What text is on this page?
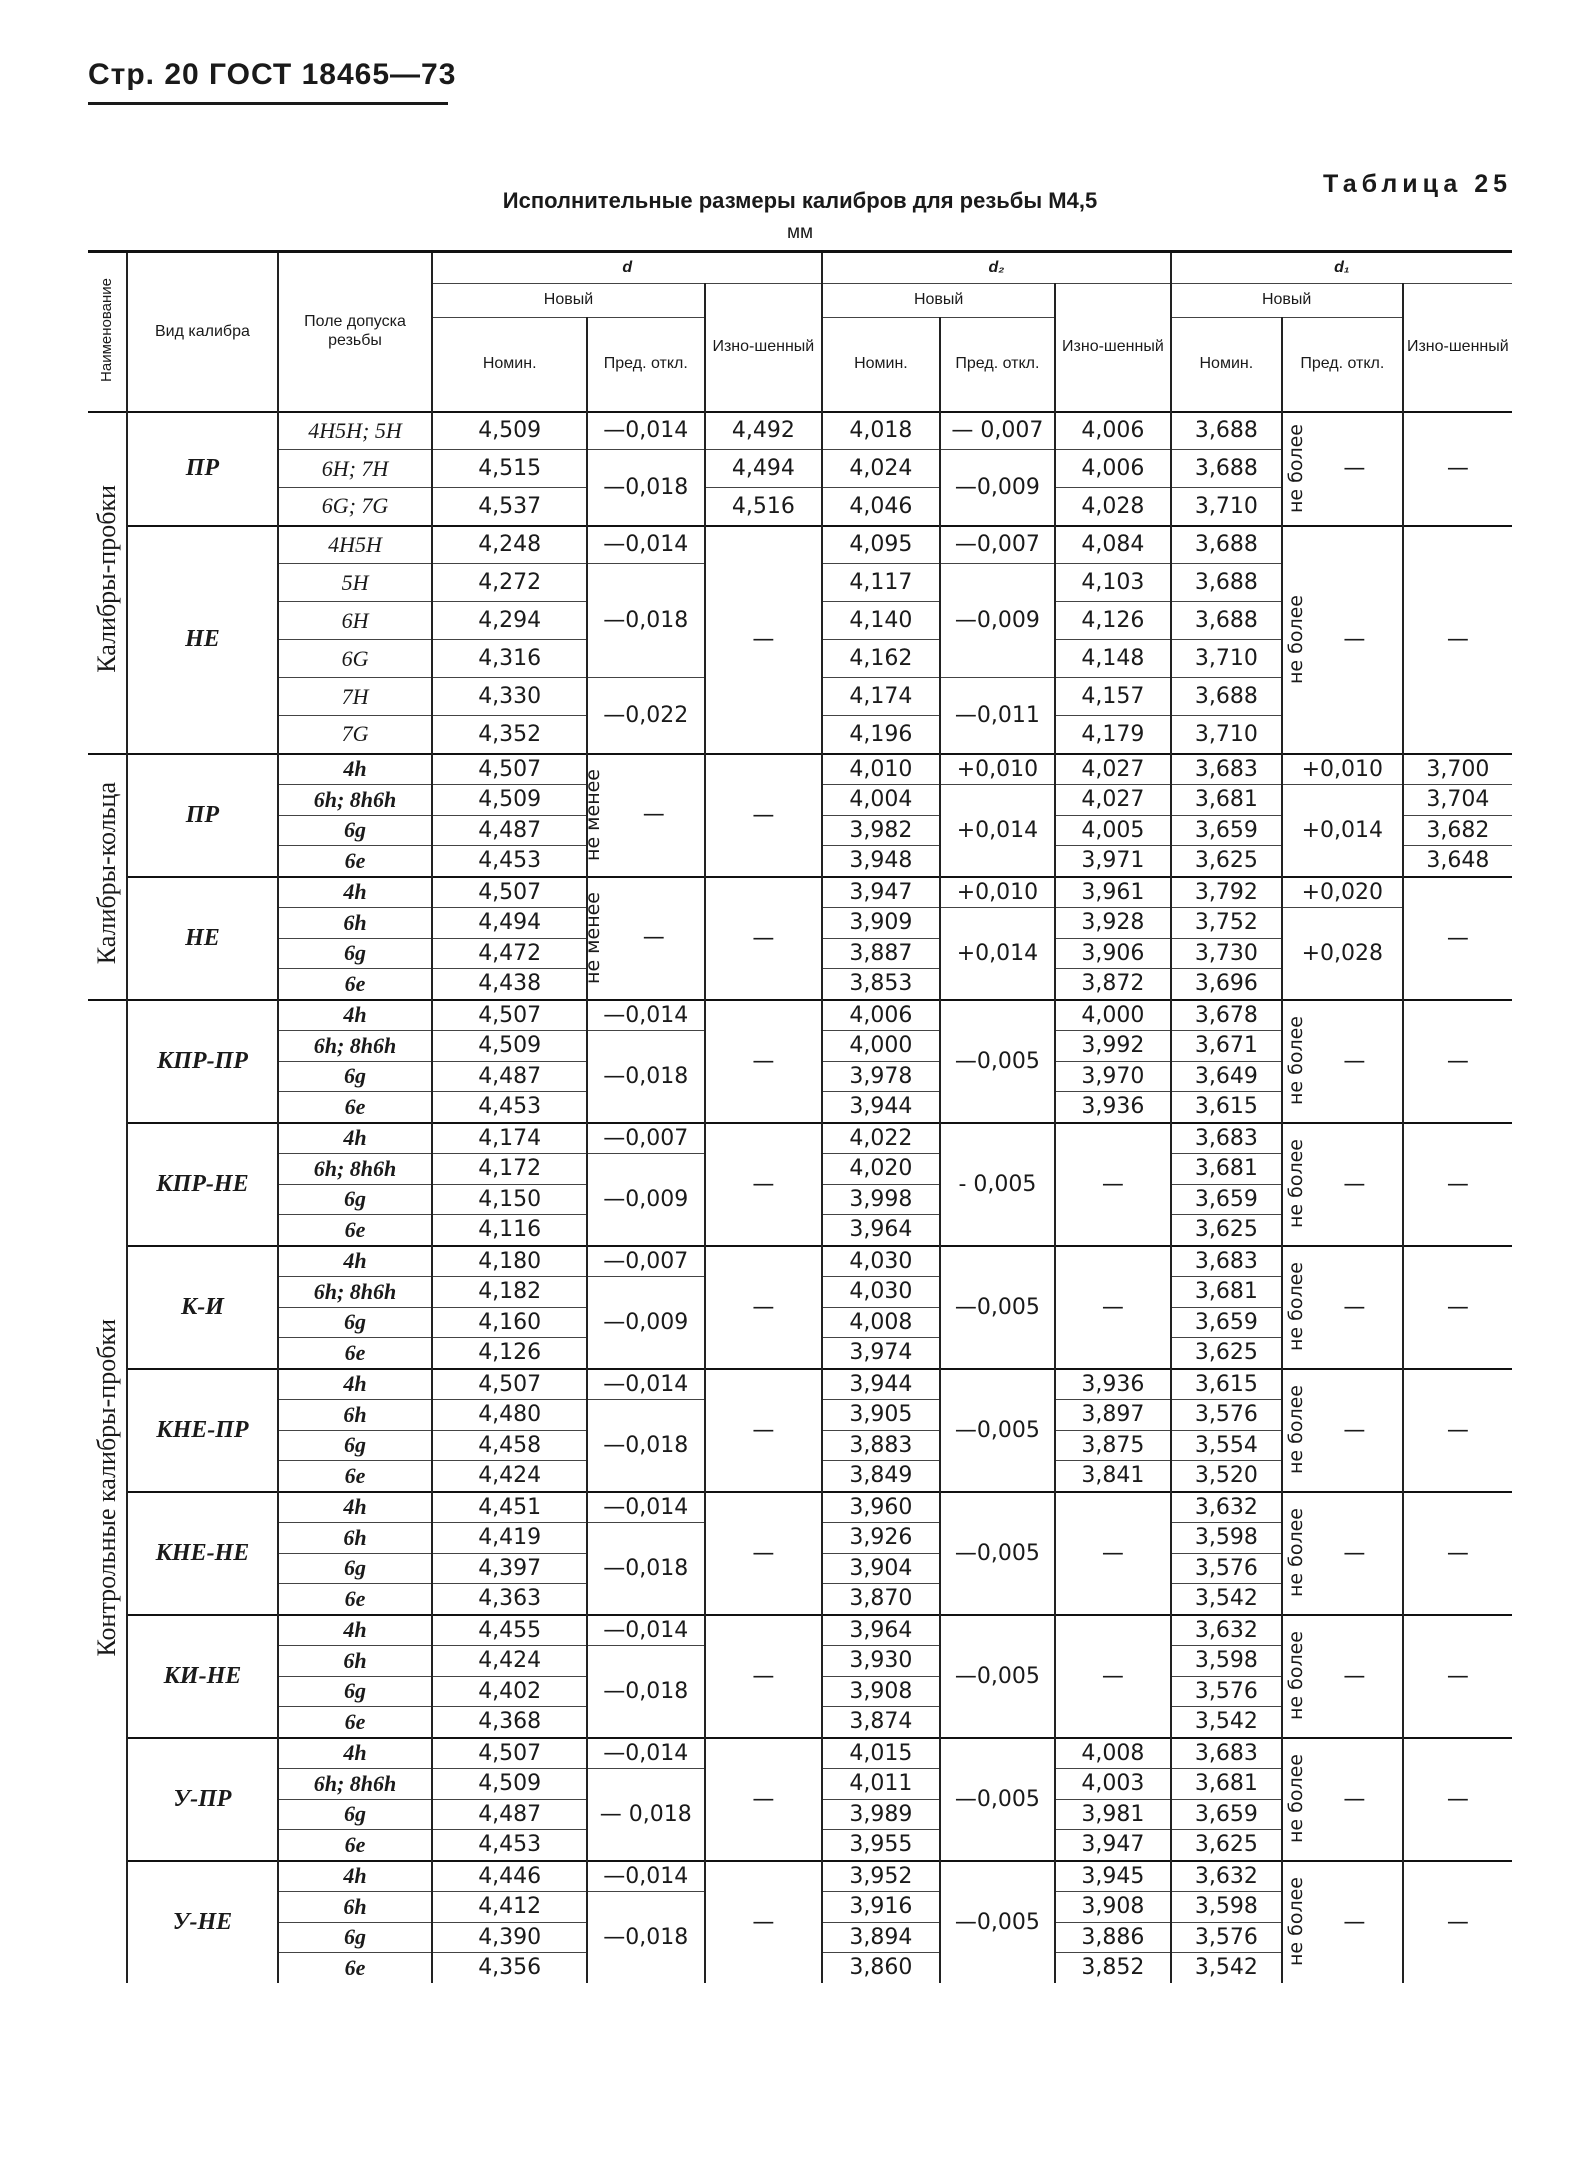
Стр. 20 ГОСТ 18465—73
Таблица 25
Исполнительные размеры калибров для резьбы М4,5
мм
Наименование	Вид калибра	Поле допуска резьбы	d			d₂			d₁		
			Новый		Изно-шенный	Новый		Изно-шенный	Новый		Изно-шенный
			Номин.	Пред. откл.		Номин.	Пред. откл.		Номин.	Пред. откл.	
Калибры-пробки	ПР	4H5H; 5H	4,509	—0,014	4,492	4,018	— 0,007	4,006	3,688	не более —	—
		6H; 7H	4,515	—0,018	4,494	4,024	—0,009	4,006	3,688		
		6G; 7G	4,537		4,516	4,046		4,028	3,710		
	НЕ	4H5H	4,248	—0,014	—	4,095	—0,007	4,084	3,688	не более —	—
		5H	4,272	—0,018		4,117	—0,009	4,103	3,688		
		6H	4,294			4,140		4,126	3,688		
		6G	4,316			4,162		4,148	3,710		
		7H	4,330	—0,022		4,174	—0,011	4,157	3,688		
		7G	4,352			4,196		4,179	3,710		
Калибры-кольца	ПР	4h	4,507	не менее —	—	4,010	+0,010	4,027	3,683	+0,010	3,700
		6h; 8h6h	4,509			4,004	+0,014	4,027	3,681	+0,014	3,704
		6g	4,487			3,982		4,005	3,659		3,682
		6e	4,453			3,948		3,971	3,625		3,648
	НЕ	4h	4,507	не менее —	—	3,947	+0,010	3,961	3,792	+0,020	—
		6h	4,494			3,909	+0,014	3,928	3,752	+0,028	
		6g	4,472			3,887		3,906	3,730		
		6e	4,438			3,853		3,872	3,696		
Контрольные калибры-пробки	КПР-ПР	4h	4,507	—0,014	—	4,006	—0,005	4,000	3,678	не более —	—
		6h; 8h6h	4,509	—0,018		4,000		3,992	3,671		
		6g	4,487			3,978		3,970	3,649		
		6e	4,453			3,944		3,936	3,615		
	КПР-НЕ	4h	4,174	—0,007	—	4,022	- 0,005	—	3,683	не более —	—
		6h; 8h6h	4,172	—0,009		4,020			3,681		
		6g	4,150			3,998			3,659		
		6e	4,116			3,964			3,625		
	К-И	4h	4,180	—0,007	—	4,030	—0,005	—	3,683	не более —	—
		6h; 8h6h	4,182	—0,009		4,030			3,681		
		6g	4,160			4,008			3,659		
		6e	4,126			3,974			3,625		
	КНЕ-ПР	4h	4,507	—0,014	—	3,944	—0,005	3,936	3,615	не более —	—
		6h	4,480	—0,018		3,905		3,897	3,576		
		6g	4,458			3,883		3,875	3,554		
		6e	4,424			3,849		3,841	3,520		
	КНЕ-НЕ	4h	4,451	—0,014	—	3,960	—0,005	—	3,632	не более —	—
		6h	4,419	—0,018		3,926			3,598		
		6g	4,397			3,904			3,576		
		6e	4,363			3,870			3,542		
	КИ-НЕ	4h	4,455	—0,014	—	3,964	—0,005	—	3,632	не более —	—
		6h	4,424	—0,018		3,930			3,598		
		6g	4,402			3,908			3,576		
		6e	4,368			3,874			3,542		
	У-ПР	4h	4,507	—0,014	—	4,015	—0,005	4,008	3,683	не более —	—
		6h; 8h6h	4,509	— 0,018		4,011		4,003	3,681		
		6g	4,487			3,989		3,981	3,659		
		6e	4,453			3,955		3,947	3,625		
	У-НЕ	4h	4,446	—0,014	—	3,952	—0,005	3,945	3,632	не более —	—
		6h	4,412	—0,018		3,916		3,908	3,598		
		6g	4,390			3,894		3,886	3,576		
		6e	4,356			3,860		3,852	3,542		
